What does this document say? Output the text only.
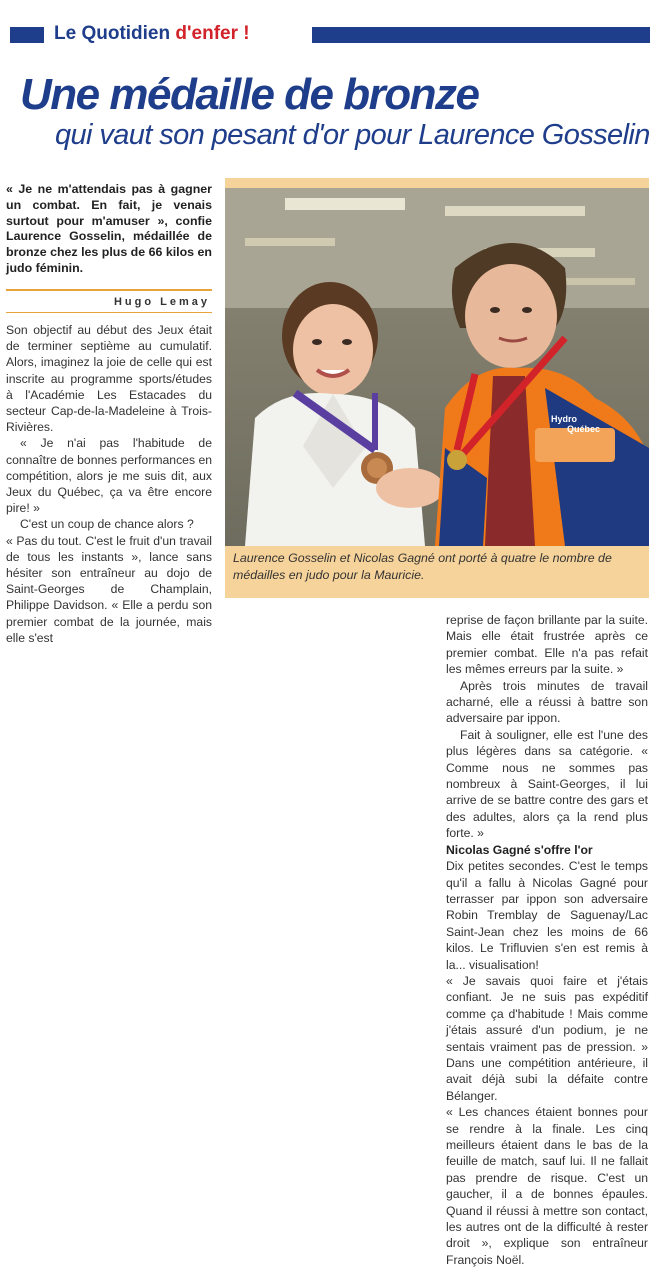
Le Quotidien d'enfer !
Une médaille de bronze
qui vaut son pesant d'or pour Laurence Gosselin
« Je ne m'attendais pas à gagner un combat. En fait, je venais surtout pour m'amuser », confie Laurence Gosselin, médaillée de bronze chez les plus de 66 kilos en judo féminin.
Hugo Lemay

Son objectif au début des Jeux était de terminer septième au cumulatif. Alors, imaginez la joie de celle qui est inscrite au programme sports/études à l'Académie Les Estacades du secteur Cap-de-la-Madeleine à Trois-Rivières.

« Je n'ai pas l'habitude de connaître de bonnes performances en compétition, alors je me suis dit, aux Jeux du Québec, ça va être encore pire! »

C'est un coup de chance alors ?

« Pas du tout. C'est le fruit d'un travail de tous les instants », lance sans hésiter son entraîneur au dojo de Saint-Georges de Champlain, Philippe Davidson. « Elle a perdu son premier combat de la journée, mais elle s'est

Hydro
Québec
Laurence Gosselin et Nicolas Gagné ont porté à quatre le nombre de médailles en judo pour la Mauricie.

reprise de façon brillante par la suite. Mais elle était frustrée après ce premier combat. Elle n'a pas refait les mêmes erreurs par la suite. »

Après trois minutes de travail acharné, elle a réussi à battre son adversaire par ippon.

Fait à souligner, elle est l'une des plus légères dans sa catégorie. « Comme nous ne sommes pas nombreux à Saint-Georges, il lui arrive de se battre contre des gars et des adultes, alors ça la rend plus forte. »

Nicolas Gagné s'offre l'or

Dix petites secondes. C'est le temps qu'il a fallu à Nicolas Gagné pour terrasser par ippon son adversaire Robin Tremblay de Saguenay/Lac Saint-Jean chez les moins de 66 kilos. Le Trifluvien s'en est remis à la... visualisation!

« Je savais quoi faire et j'étais confiant. Je ne suis pas expéditif comme ça d'habitude ! Mais comme j'étais assuré d'un podium, je ne sentais vraiment pas de pression. » Dans une compétition antérieure, il avait déjà subi la défaite contre Bélanger.

« Les chances étaient bonnes pour se rendre à la finale. Les cinq meilleurs étaient dans le bas de la feuille de match, sauf lui. Il ne fallait pas prendre de risque. C'est un gaucher, il a de bonnes épaules. Quand il réussi à mettre son contact, les autres ont de la difficulté à rester droit », explique son entraîneur François Noël.
